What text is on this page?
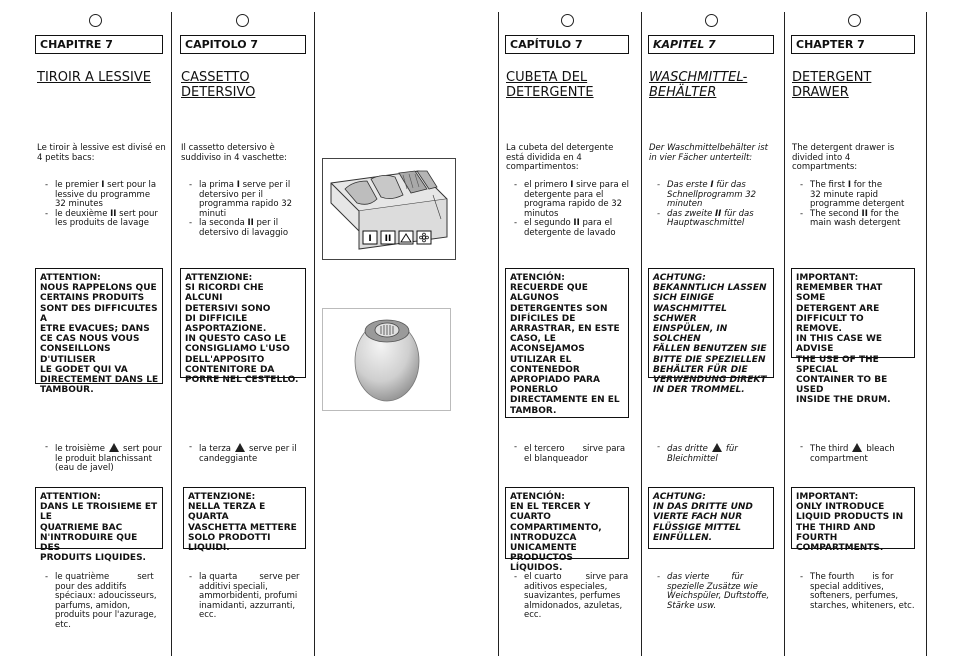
CHAPITRE 7
TIROIR A LESSIVE
Le tiroir à lessive est divisé en
4 petits bacs:
- le premier I sert pour la
lessive du programme
32 minutes
- le deuxième II sert pour
les produits de lavage
ATTENTION:
NOUS RAPPELONS QUE
CERTAINS PRODUITS
SONT DES DIFFICULTES A
ETRE EVACUES; DANS
CE CAS NOUS VOUS
CONSEILLONS D'UTILISER
LE GODET QUI VA
DIRECTEMENT DANS LE
TAMBOUR.
- le troisième sert pour
le produit blanchissant
(eau de javel)
ATTENTION:
DANS LE TROISIEME ET LE
QUATRIEME BAC
N'INTRODUIRE QUE DES
PRODUITS LIQUIDES.
- le quatrième	sert
pour des additifs
spéciaux: adoucisseurs,
parfums, amidon,
produits pour l'azurage,
etc.
CAPITOLO 7
CASSETTO
DETERSIVO
Il cassetto detersivo è
suddiviso in 4 vaschette:
- la prima I serve per il
detersivo per il
programma rapido 32
minuti
- la seconda II per il
detersivo di lavaggio
ATTENZIONE:
SI RICORDI CHE ALCUNI
DETERSIVI SONO
DI DIFFICILE
ASPORTAZIONE.
IN QUESTO CASO LE
CONSIGLIAMO L'USO
DELL'APPOSITO
CONTENITORE DA
PORRE NEL CESTELLO.
- la terza serve per il
candeggiante
ATTENZIONE:
NELLA TERZA E QUARTA
VASCHETTA METTERE
SOLO PRODOTTI
LIQUIDI.
- la quarta	serve per
additivi speciali,
ammorbidenti, profumi
inamidanti, azzurranti,
ecc.
I II
CAPÍTULO 7
CUBETA DEL
DETERGENTE
La cubeta del detergente
está dividida en 4
compartimentos:
- el primero I sirve para el
detergente para el
programa rapido de 32
minutos
- el segundo II para el
detergente de lavado
ATENCIÓN:
RECUERDE QUE
ALGUNOS
DETERGENTES SON
DIFÍCILES DE
ARRASTRAR, EN ESTE
CASO, LE
ACONSEJAMOS
UTILIZAR EL
CONTENEDOR
APROPIADO PARA
PONERLO
DIRECTAMENTE EN EL
TAMBOR.
- el tercero sirve para
el blanqueador
ATENCIÓN:
EN EL TERCER Y CUARTO
COMPARTIMENTO,
INTRODUZCA
UNICAMENTE
PRODUCTOS LÍQUIDOS.
- el cuarto	sirve para
aditivos especiales,
suavizantes, perfumes
almidonados, azuletas,
ecc.
KAPITEL 7
WASCHMITTEL-
BEHÄLTER
Der Waschmittelbehälter ist
in vier Fächer unterteilt:
- Das erste I für das
Schnellprogramm 32
minuten
- das zweite II für das
Hauptwaschmittel
ACHTUNG:
BEKANNTLICH LASSEN
SICH EINIGE
WASCHMITTEL SCHWER
EINSPÜLEN, IN SOLCHEN
FÄLLEN BENUTZEN SIE
BITTE DIE SPEZIELLEN
BEHÄLTER FÜR DIE
VERWENDUNG DIREKT
IN DER TROMMEL.
- das dritte für
Bleichmittel
ACHTUNG:
IN DAS DRITTE UND
VIERTE FACH NUR
FLÜSSIGE MITTEL
EINFÜLLEN.
- das vierte	für
spezielle Zusätze wie
Weichspüler, Duftstoffe,
Stärke usw.
CHAPTER 7
DETERGENT
DRAWER
The detergent drawer is
divided into 4
compartments:
- The first I for the
32 minute rapid
programme detergent
- The second II for the
main wash detergent
IMPORTANT:
REMEMBER THAT SOME
DETERGENT ARE
DIFFICULT TO REMOVE.
IN THIS CASE WE ADVISE
THE USE OF THE SPECIAL
CONTAINER TO BE USED
INSIDE THE DRUM.
- The third bleach
compartment
IMPORTANT:
ONLY INTRODUCE
LIQUID PRODUCTS IN
THE THIRD AND FOURTH
COMPARTMENTS.
- The fourth is for
special additives,
softeners, perfumes,
starches, whiteners, etc.
